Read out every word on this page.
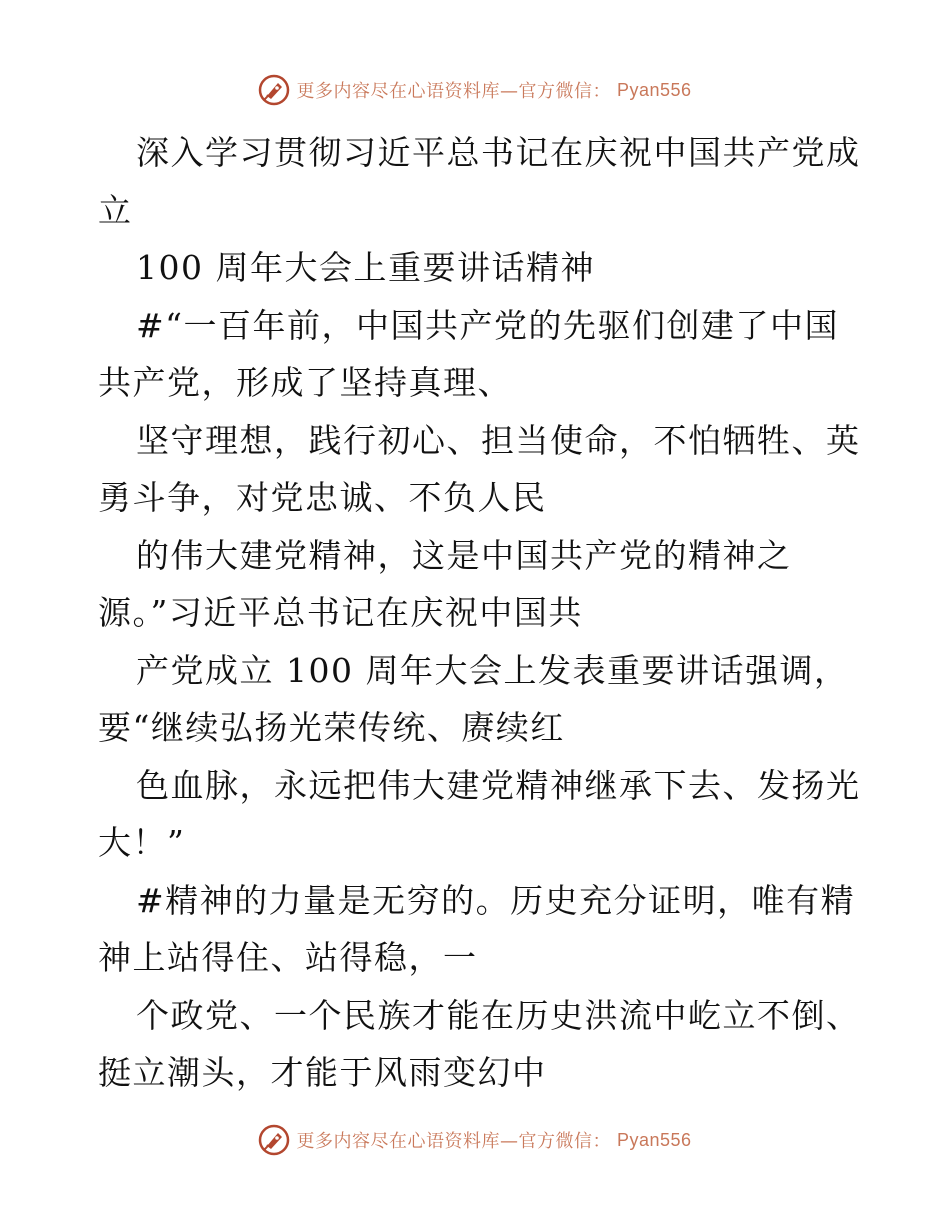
更多内容尽在心语资料库—官方微信： Pyan556
深入学习贯彻习近平总书记在庆祝中国共产党成
立
100 周年大会上重要讲话精神
#“一百年前，中国共产党的先驱们创建了中国
共产党，形成了坚持真理、
坚守理想，践行初心、担当使命，不怕牺牲、英
勇斗争，对党忠诚、不负人民
的伟大建党精神，这是中国共产党的精神之
源。”习近平总书记在庆祝中国共
产党成立 100 周年大会上发表重要讲话强调，
要“继续弘扬光荣传统、赓续红
色血脉，永远把伟大建党精神继承下去、发扬光
大！”
#精神的力量是无穷的。历史充分证明，唯有精
神上站得住、站得稳，一
个政党、一个民族才能在历史洪流中屹立不倒、
挺立潮头，才能于风雨变幻中
更多内容尽在心语资料库—官方微信： Pyan556
